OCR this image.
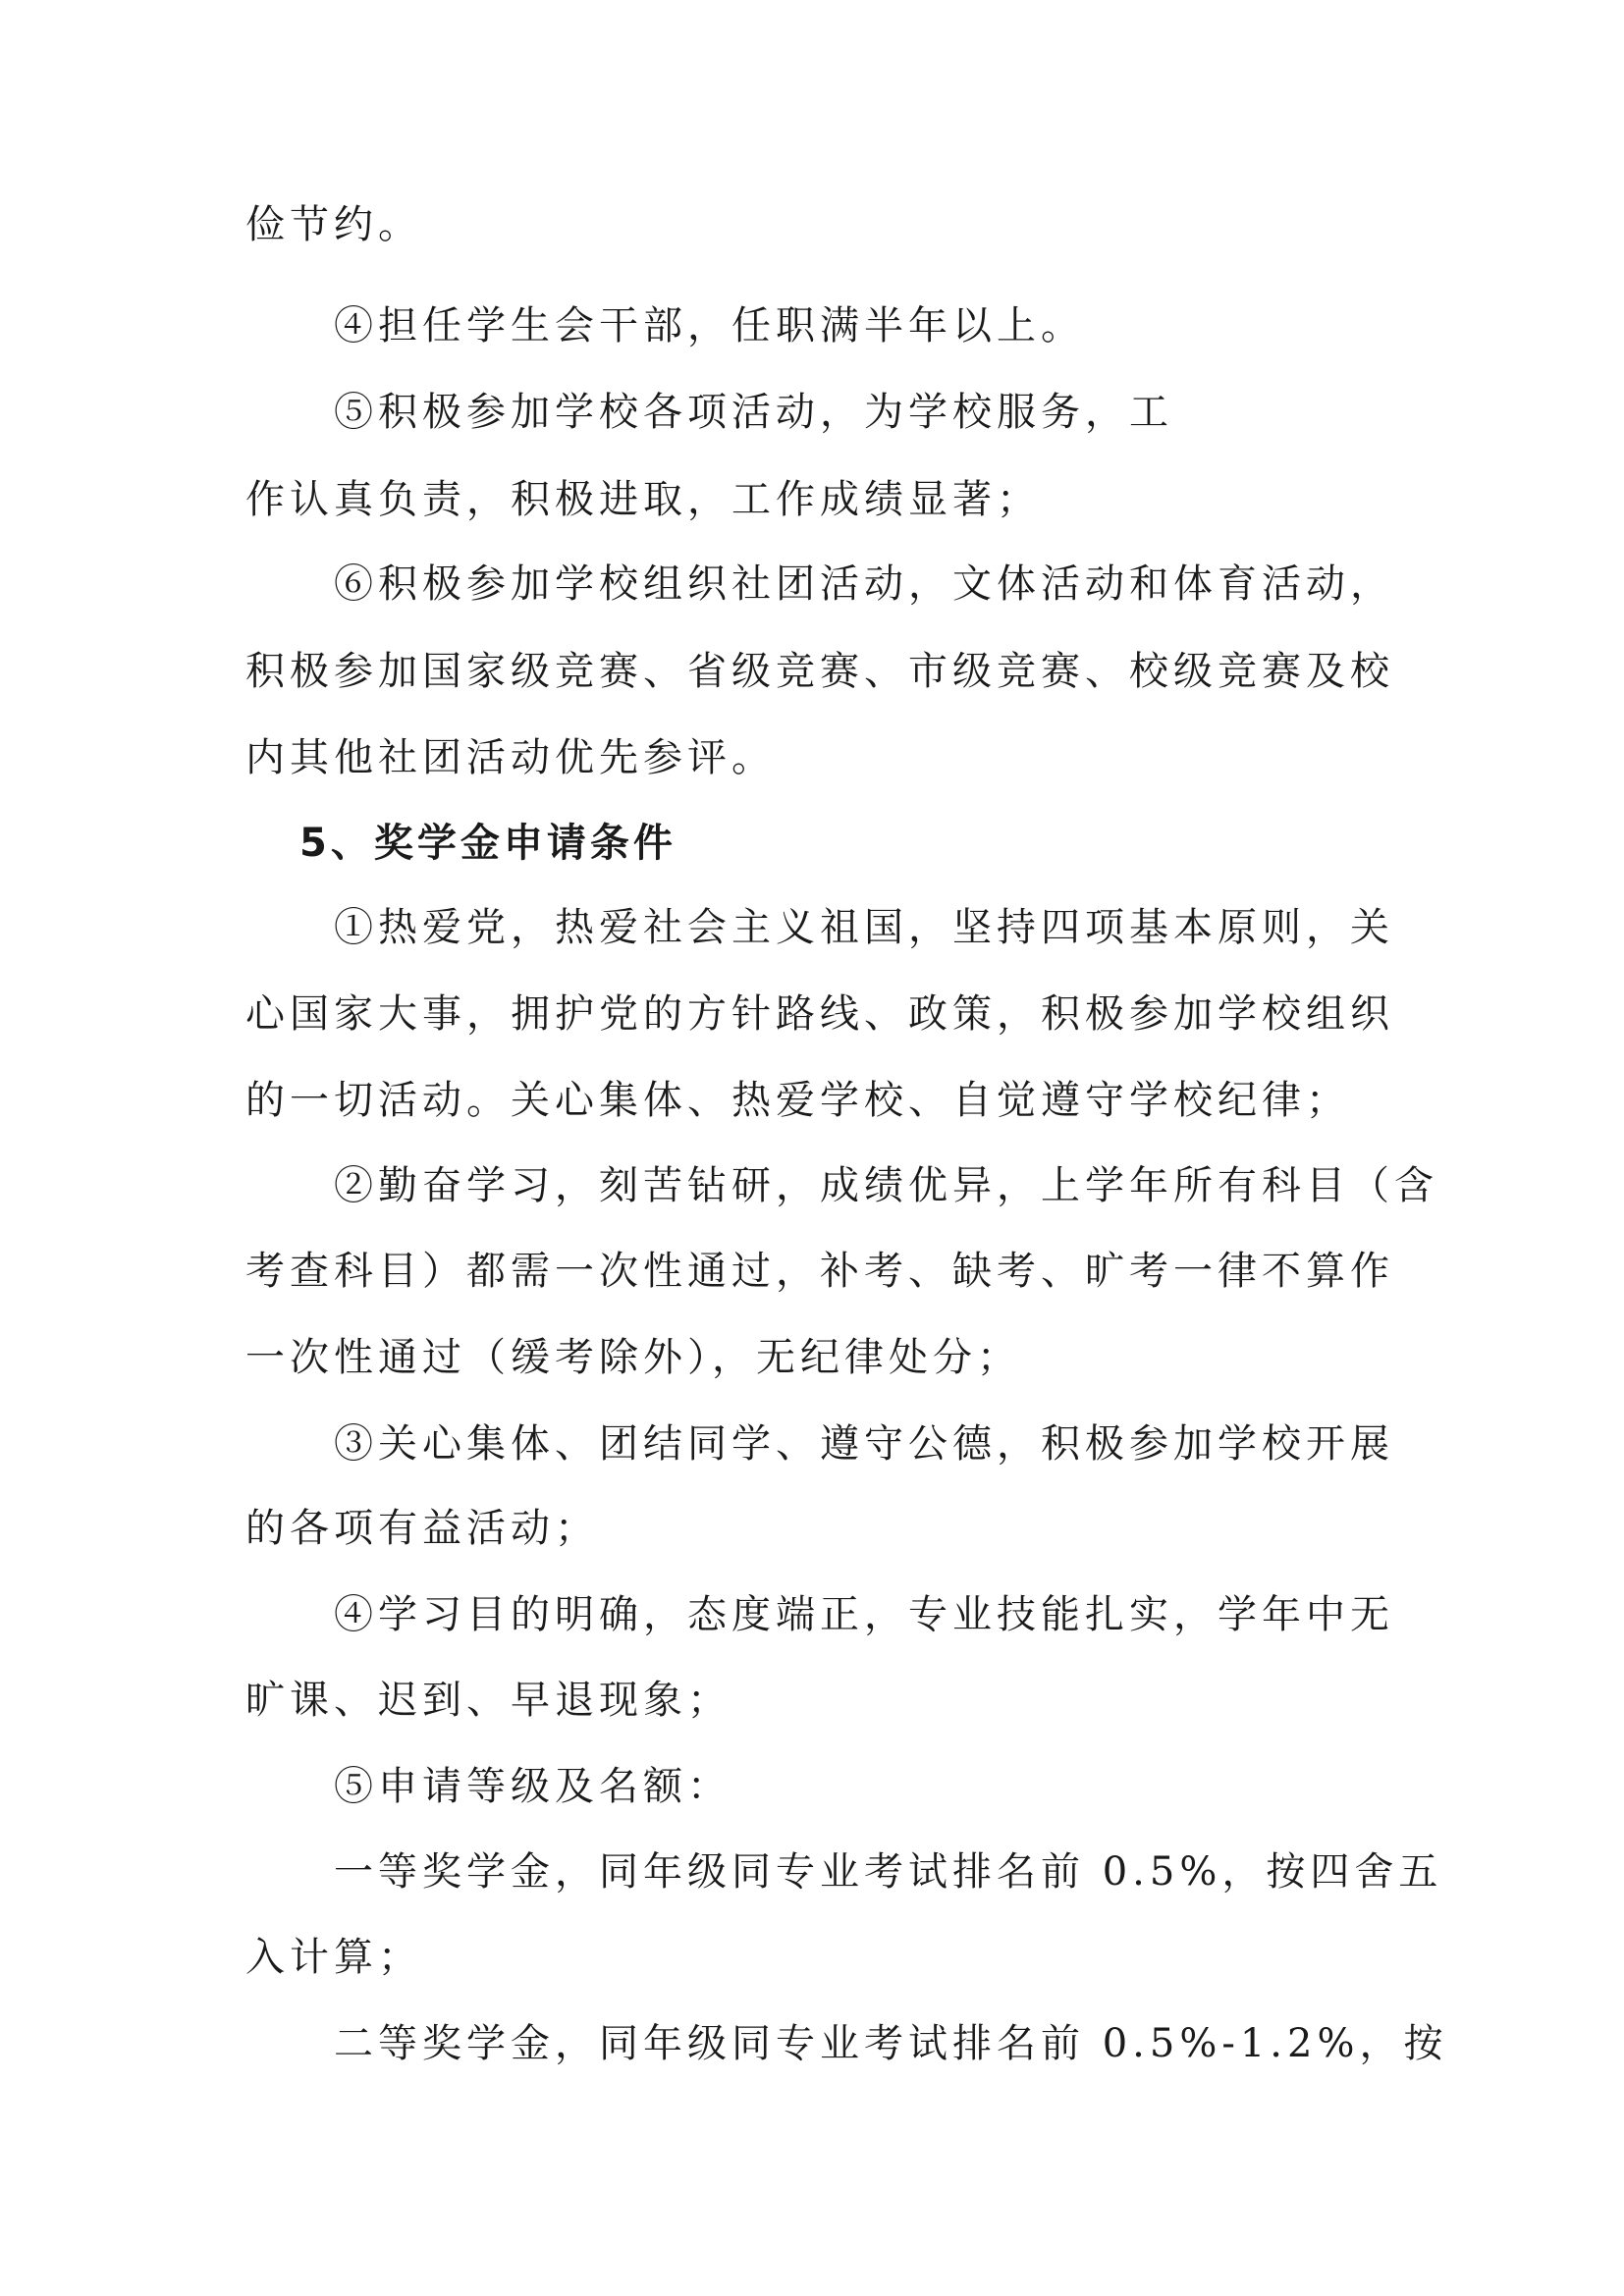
俭节约。
④担任学生会干部，任职满半年以上。
⑤积极参加学校各项活动，为学校服务，工
作认真负责，积极进取，工作成绩显著；
⑥积极参加学校组织社团活动，文体活动和体育活动，
积极参加国家级竞赛、省级竞赛、市级竞赛、校级竞赛及校
内其他社团活动优先参评。
5、奖学金申请条件
①热爱党，热爱社会主义祖国，坚持四项基本原则，关
心国家大事，拥护党的方针路线、政策，积极参加学校组织
的一切活动。关心集体、热爱学校、自觉遵守学校纪律；
②勤奋学习，刻苦钻研，成绩优异，上学年所有科目（含
考查科目）都需一次性通过，补考、缺考、旷考一律不算作
一次性通过（缓考除外），无纪律处分；
③关心集体、团结同学、遵守公德，积极参加学校开展
的各项有益活动；
④学习目的明确，态度端正，专业技能扎实，学年中无
旷课、迟到、早退现象；
⑤申请等级及名额：
一等奖学金，同年级同专业考试排名前 0.5%，按四舍五
入计算；
二等奖学金，同年级同专业考试排名前 0.5%-1.2%，按
